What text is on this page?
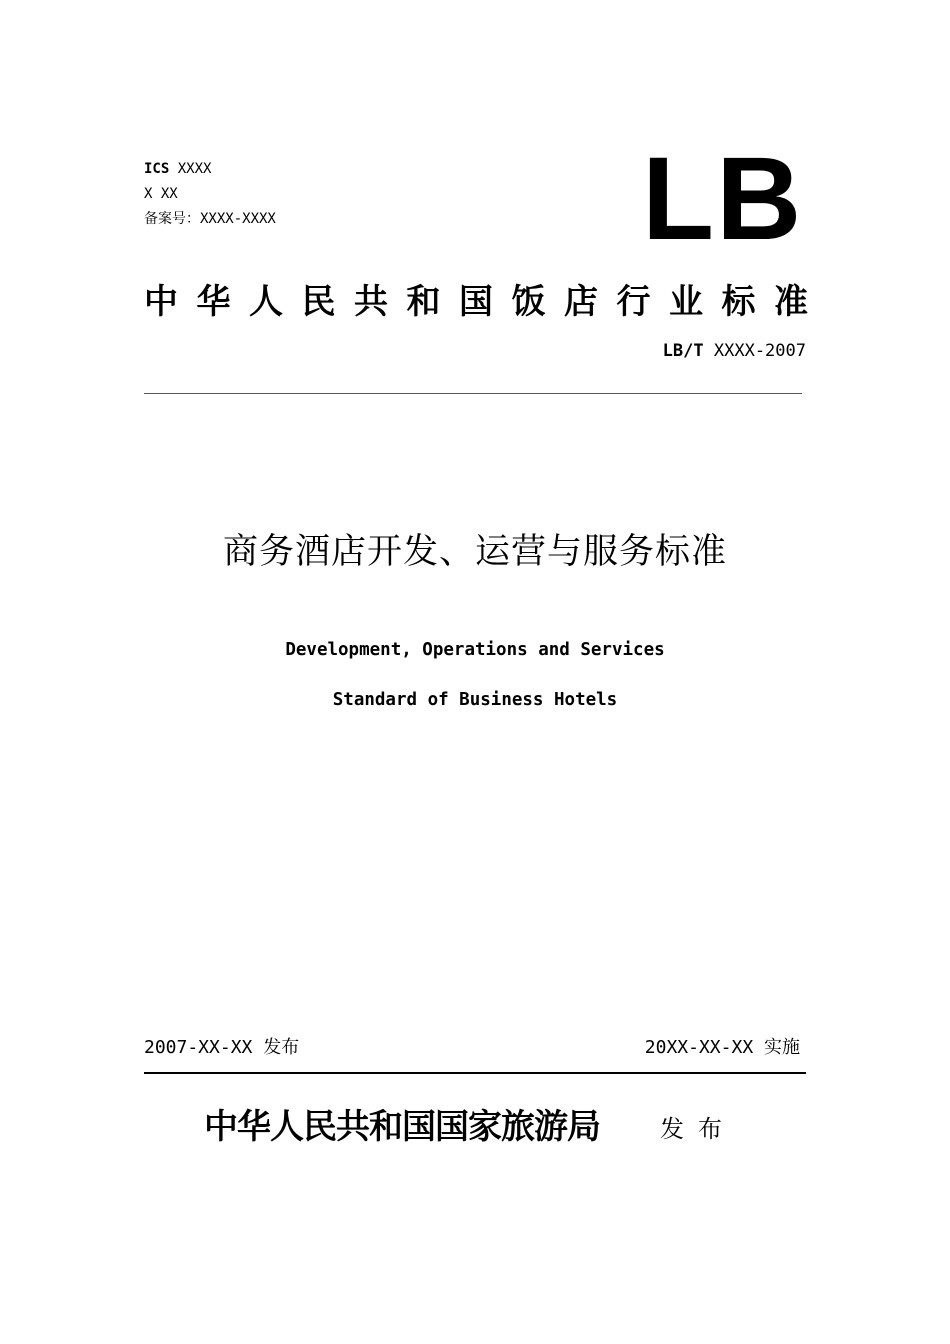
ICS XXXX
X XX
备案号：XXXX-XXXX	LB
中华人民共和国饭店行业标准
LB/T XXXX-2007
商务酒店开发、运营与服务标准
Development, Operations and Services
Standard of Business Hotels
2007-XX-XX 发布	20XX-XX-XX 实施
中华人民共和国国家旅游局	发布
